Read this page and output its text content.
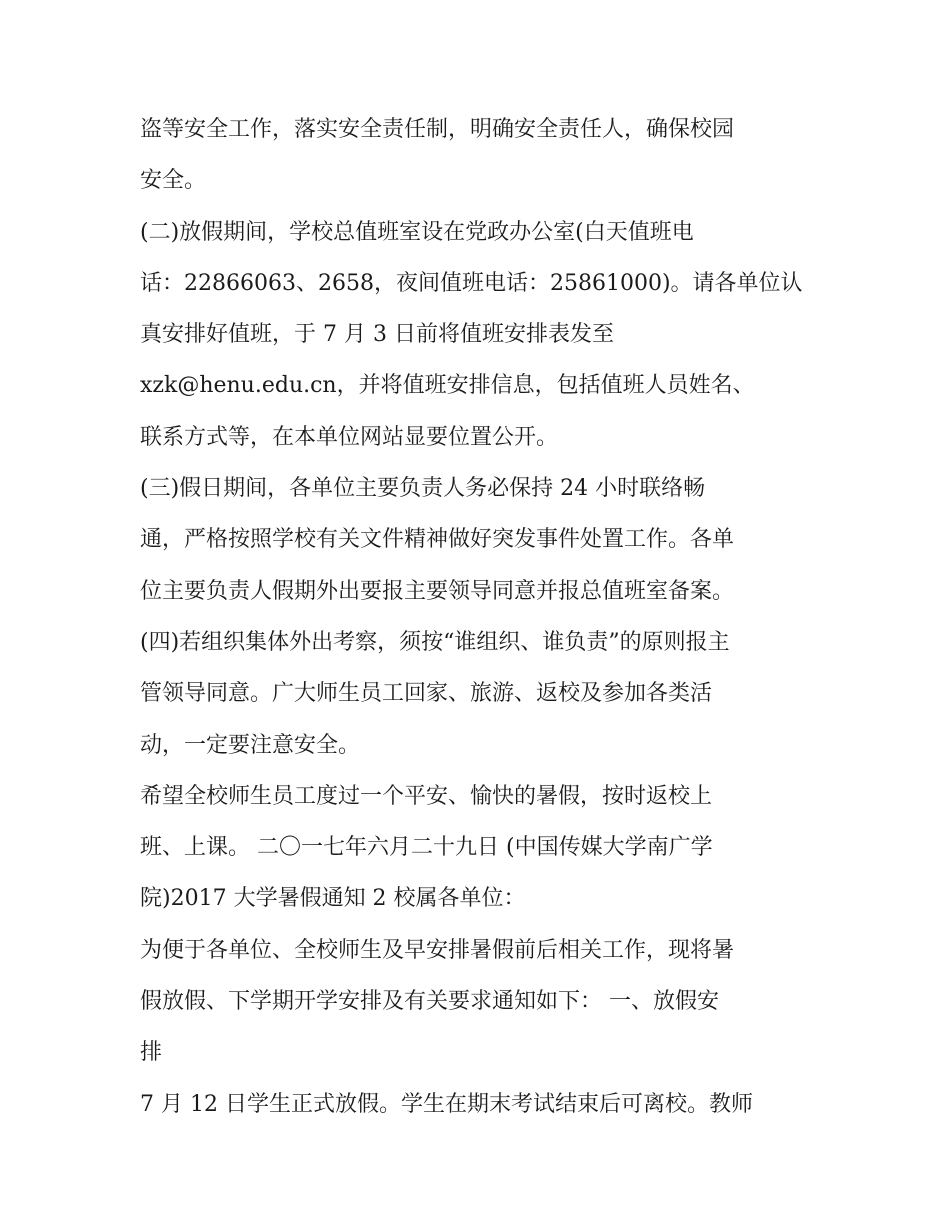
盗等安全工作，落实安全责任制，明确安全责任人，确保校园
安全。
(二)放假期间，学校总值班室设在党政办公室(白天值班电
话：22866063、2658，夜间值班电话：25861000)。请各单位认
真安排好值班，于 7 月 3 日前将值班安排表发至
xzk@henu.edu.cn，并将值班安排信息，包括值班人员姓名、
联系方式等，在本单位网站显要位置公开。
(三)假日期间，各单位主要负责人务必保持 24 小时联络畅
通，严格按照学校有关文件精神做好突发事件处置工作。各单
位主要负责人假期外出要报主要领导同意并报总值班室备案。
(四)若组织集体外出考察，须按“谁组织、谁负责”的原则报主
管领导同意。广大师生员工回家、旅游、返校及参加各类活
动，一定要注意安全。
希望全校师生员工度过一个平安、愉快的暑假，按时返校上
班、上课。 二〇一七年六月二十九日 (中国传媒大学南广学
院)2017 大学暑假通知 2 校属各单位：
为便于各单位、全校师生及早安排暑假前后相关工作，现将暑
假放假、下学期开学安排及有关要求通知如下： 一、放假安
排
7 月 12 日学生正式放假。学生在期末考试结束后可离校。教师
